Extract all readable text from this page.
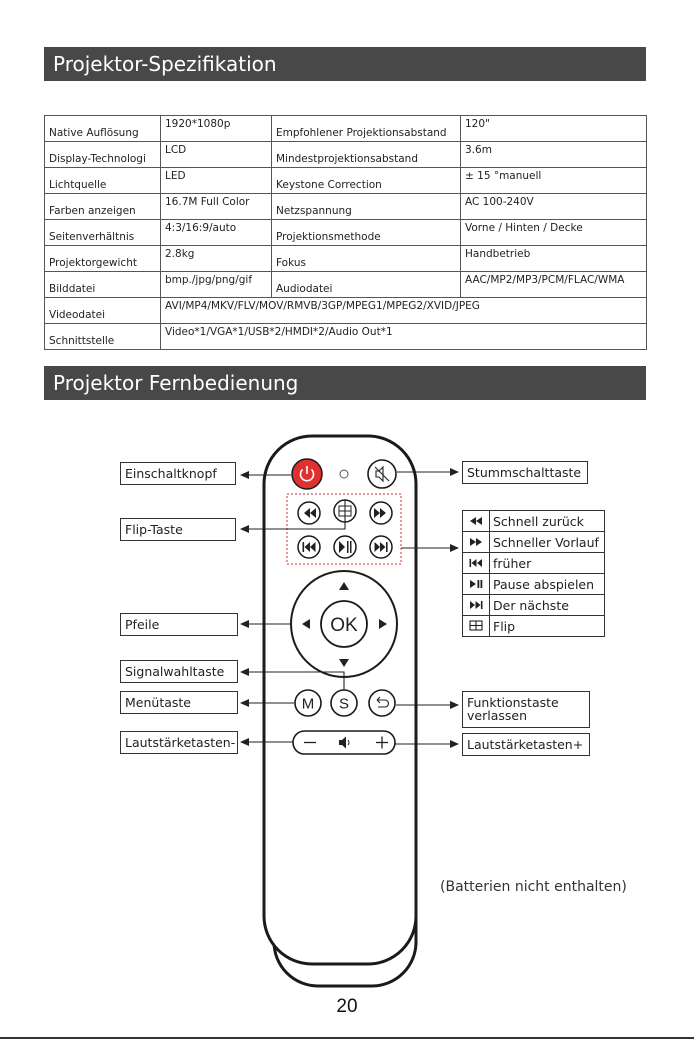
Projektor-Spezifikation
Native Auflösung	1920*1080p	Empfohlener Projektionsabstand	120"
Display-Technologi	LCD	Mindestprojektionsabstand	3.6m
Lichtquelle	LED	Keystone Correction	± 15 °manuell
Farben anzeigen	16.7M Full Color	Netzspannung	AC 100-240V
Seitenverhältnis	4:3/16:9/auto	Projektionsmethode	Vorne / Hinten / Decke
Projektorgewicht	2.8kg	Fokus	Handbetrieb
Bilddatei	bmp./jpg/png/gif	Audiodatei	AAC/MP2/MP3/PCM/FLAC/WMA
Videodatei	AVI/MP4/MKV/FLV/MOV/RMVB/3GP/MPEG1/MPEG2/XVID/JPEG		
Schnittstelle	Video*1/VGA*1/USB*2/HMDI*2/Audio Out*1		
Projektor Fernbedienung
OK
M S
Einschaltknopf
Flip-Taste
Pfeile
Signalwahltaste
Menütaste
Lautstärketasten-
Stummschalttaste
Funktionstaste verlassen
Lautstärketasten+
	Schnell zurück
	Schneller Vorlauf
	früher
	Pause abspielen
	Der nächste
	Flip
(Batterien nicht enthalten)
20
